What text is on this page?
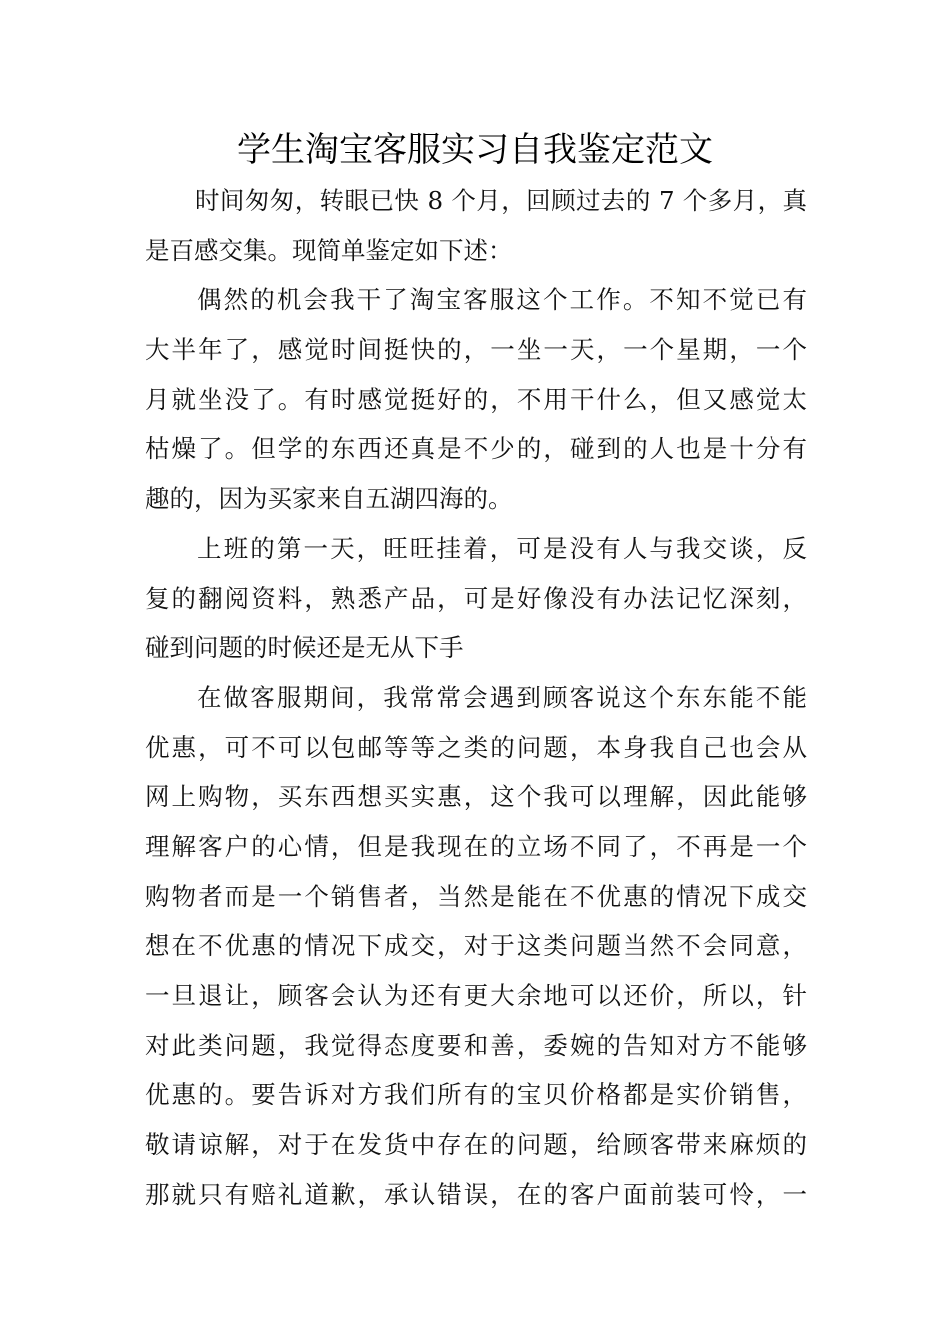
学生淘宝客服实习自我鉴定范文
时间匆匆，转眼已快 8 个月，回顾过去的 7 个多月，真
是百感交集。现简单鉴定如下述：
偶然的机会我干了淘宝客服这个工作。不知不觉已有
大半年了，感觉时间挺快的，一坐一天，一个星期，一个
月就坐没了。有时感觉挺好的，不用干什么，但又感觉太
枯燥了。但学的东西还真是不少的，碰到的人也是十分有
趣的，因为买家来自五湖四海的。
上班的第一天，旺旺挂着，可是没有人与我交谈，反
复的翻阅资料，熟悉产品，可是好像没有办法记忆深刻，
碰到问题的时候还是无从下手
在做客服期间，我常常会遇到顾客说这个东东能不能
优惠，可不可以包邮等等之类的问题，本身我自己也会从
网上购物，买东西想买实惠，这个我可以理解，因此能够
理解客户的心情，但是我现在的立场不同了，不再是一个
购物者而是一个销售者，当然是能在不优惠的情况下成交
想在不优惠的情况下成交，对于这类问题当然不会同意，
一旦退让，顾客会认为还有更大余地可以还价，所以，针
对此类问题，我觉得态度要和善，委婉的告知对方不能够
优惠的。要告诉对方我们所有的宝贝价格都是实价销售，
敬请谅解，对于在发货中存在的问题，给顾客带来麻烦的
那就只有赔礼道歉，承认错误，在的客户面前装可怜，一
